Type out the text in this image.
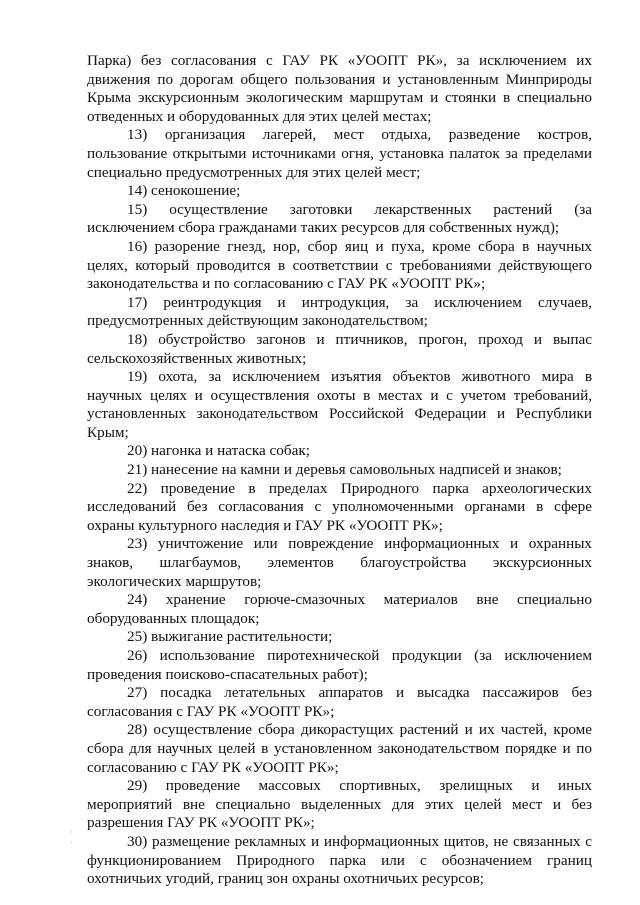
Парка) без согласования с ГАУ РК «УООПТ РК», за исключением их движения по дорогам общего пользования и установленным Минприроды Крыма экскурсионным экологическим маршрутам и стоянки в специально отведенных и оборудованных для этих целей местах;

13) организация лагерей, мест отдыха, разведение костров, пользование открытыми источниками огня, установка палаток за пределами специально предусмотренных для этих целей мест;

14) сенокошение;

15) осуществление заготовки лекарственных растений (за исключением сбора гражданами таких ресурсов для собственных нужд);

16) разорение гнезд, нор, сбор яиц и пуха, кроме сбора в научных целях, который проводится в соответствии с требованиями действующего законодательства и по согласованию с ГАУ РК «УООПТ РК»;

17) реинтродукция и интродукция, за исключением случаев, предусмотренных действующим законодательством;

18) обустройство загонов и птичников, прогон, проход и выпас сельскохозяйственных животных;

19) охота, за исключением изъятия объектов животного мира в научных целях и осуществления охоты в местах и с учетом требований, установленных законодательством Российской Федерации и Республики Крым;

20) нагонка и натаска собак;

21) нанесение на камни и деревья самовольных надписей и знаков;

22) проведение в пределах Природного парка археологических исследований без согласования с уполномоченными органами в сфере охраны культурного наследия и ГАУ РК «УООПТ РК»;

23) уничтожение или повреждение информационных и охранных знаков, шлагбаумов, элементов благоустройства экскурсионных экологических маршрутов;

24) хранение горюче-смазочных материалов вне специально оборудованных площадок;

25) выжигание растительности;

26) использование пиротехнической продукции (за исключением проведения поисково-спасательных работ);

27) посадка летательных аппаратов и высадка пассажиров без согласования с ГАУ РК «УООПТ РК»;

28) осуществление сбора дикорастущих растений и их частей, кроме сбора для научных целей в установленном законодательством порядке и по согласованию с ГАУ РК «УООПТ РК»;

29) проведение массовых спортивных, зрелищных и иных мероприятий вне специально выделенных для этих целей мест и без разрешения ГАУ РК «УООПТ РК»;

30) размещение рекламных и информационных щитов, не связанных с функционированием Природного парка или с обозначением границ охотничьих угодий, границ зон охраны охотничьих ресурсов;

·
·
